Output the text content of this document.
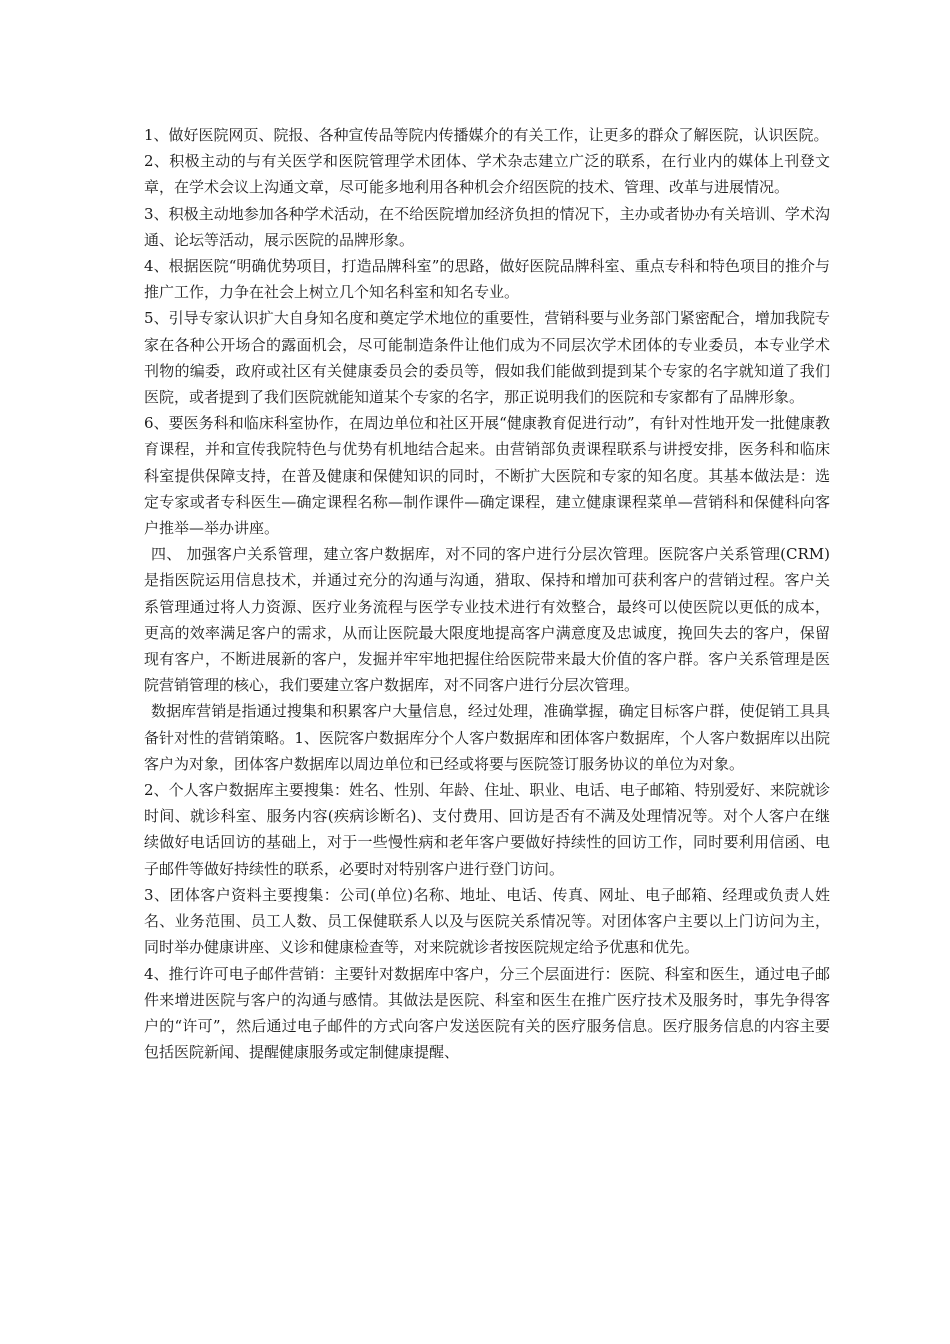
1、做好医院网页、院报、各种宣传品等院内传播媒介的有关工作，让更多的群众了解医院，认识医院。

2、积极主动的与有关医学和医院管理学术团体、学术杂志建立广泛的联系，在行业内的媒体上刊登文章，在学术会议上沟通文章，尽可能多地利用各种机会介绍医院的技术、管理、改革与进展情况。

3、积极主动地参加各种学术活动，在不给医院增加经济负担的情况下，主办或者协办有关培训、学术沟通、论坛等活动，展示医院的品牌形象。

4、根据医院“明确优势项目，打造品牌科室”的思路，做好医院品牌科室、重点专科和特色项目的推介与推广工作，力争在社会上树立几个知名科室和知名专业。

5、引导专家认识扩大自身知名度和奠定学术地位的重要性，营销科要与业务部门紧密配合，增加我院专家在各种公开场合的露面机会，尽可能制造条件让他们成为不同层次学术团体的专业委员，本专业学术刊物的编委，政府或社区有关健康委员会的委员等，假如我们能做到提到某个专家的名字就知道了我们医院，或者提到了我们医院就能知道某个专家的名字，那正说明我们的医院和专家都有了品牌形象。

6、要医务科和临床科室协作，在周边单位和社区开展“健康教育促进行动”，有针对性地开发一批健康教育课程，并和宣传我院特色与优势有机地结合起来。由营销部负责课程联系与讲授安排，医务科和临床科室提供保障支持，在普及健康和保健知识的同时，不断扩大医院和专家的知名度。其基本做法是：选定专家或者专科医生—确定课程名称—制作课件—确定课程，建立健康课程菜单—营销科和保健科向客户推举—举办讲座。

四、 加强客户关系管理，建立客户数据库，对不同的客户进行分层次管理。医院客户关系管理(CRM)是指医院运用信息技术，并通过充分的沟通与沟通，猎取、保持和增加可获利客户的营销过程。客户关系管理通过将人力资源、医疗业务流程与医学专业技术进行有效整合，最终可以使医院以更低的成本，更高的效率满足客户的需求，从而让医院最大限度地提高客户满意度及忠诚度，挽回失去的客户，保留现有客户，不断进展新的客户，发掘并牢牢地把握住给医院带来最大价值的客户群。客户关系管理是医院营销管理的核心，我们要建立客户数据库，对不同客户进行分层次管理。

数据库营销是指通过搜集和积累客户大量信息，经过处理，准确掌握，确定目标客户群，使促销工具具备针对性的营销策略。1、医院客户数据库分个人客户数据库和团体客户数据库，个人客户数据库以出院客户为对象，团体客户数据库以周边单位和已经或将要与医院签订服务协议的单位为对象。

2、个人客户数据库主要搜集：姓名、性别、年龄、住址、职业、电话、电子邮箱、特别爱好、来院就诊时间、就诊科室、服务内容(疾病诊断名)、支付费用、回访是否有不满及处理情况等。对个人客户在继续做好电话回访的基础上，对于一些慢性病和老年客户要做好持续性的回访工作，同时要利用信函、电子邮件等做好持续性的联系，必要时对特别客户进行登门访问。

3、团体客户资料主要搜集：公司(单位)名称、地址、电话、传真、网址、电子邮箱、经理或负责人姓名、业务范围、员工人数、员工保健联系人以及与医院关系情况等。对团体客户主要以上门访问为主，同时举办健康讲座、义诊和健康检查等，对来院就诊者按医院规定给予优惠和优先。

4、推行许可电子邮件营销：主要针对数据库中客户，分三个层面进行：医院、科室和医生，通过电子邮件来增进医院与客户的沟通与感情。其做法是医院、科室和医生在推广医疗技术及服务时，事先争得客户的“许可”，然后通过电子邮件的方式向客户发送医院有关的医疗服务信息。医疗服务信息的内容主要包括医院新闻、提醒健康服务或定制健康提醒、
